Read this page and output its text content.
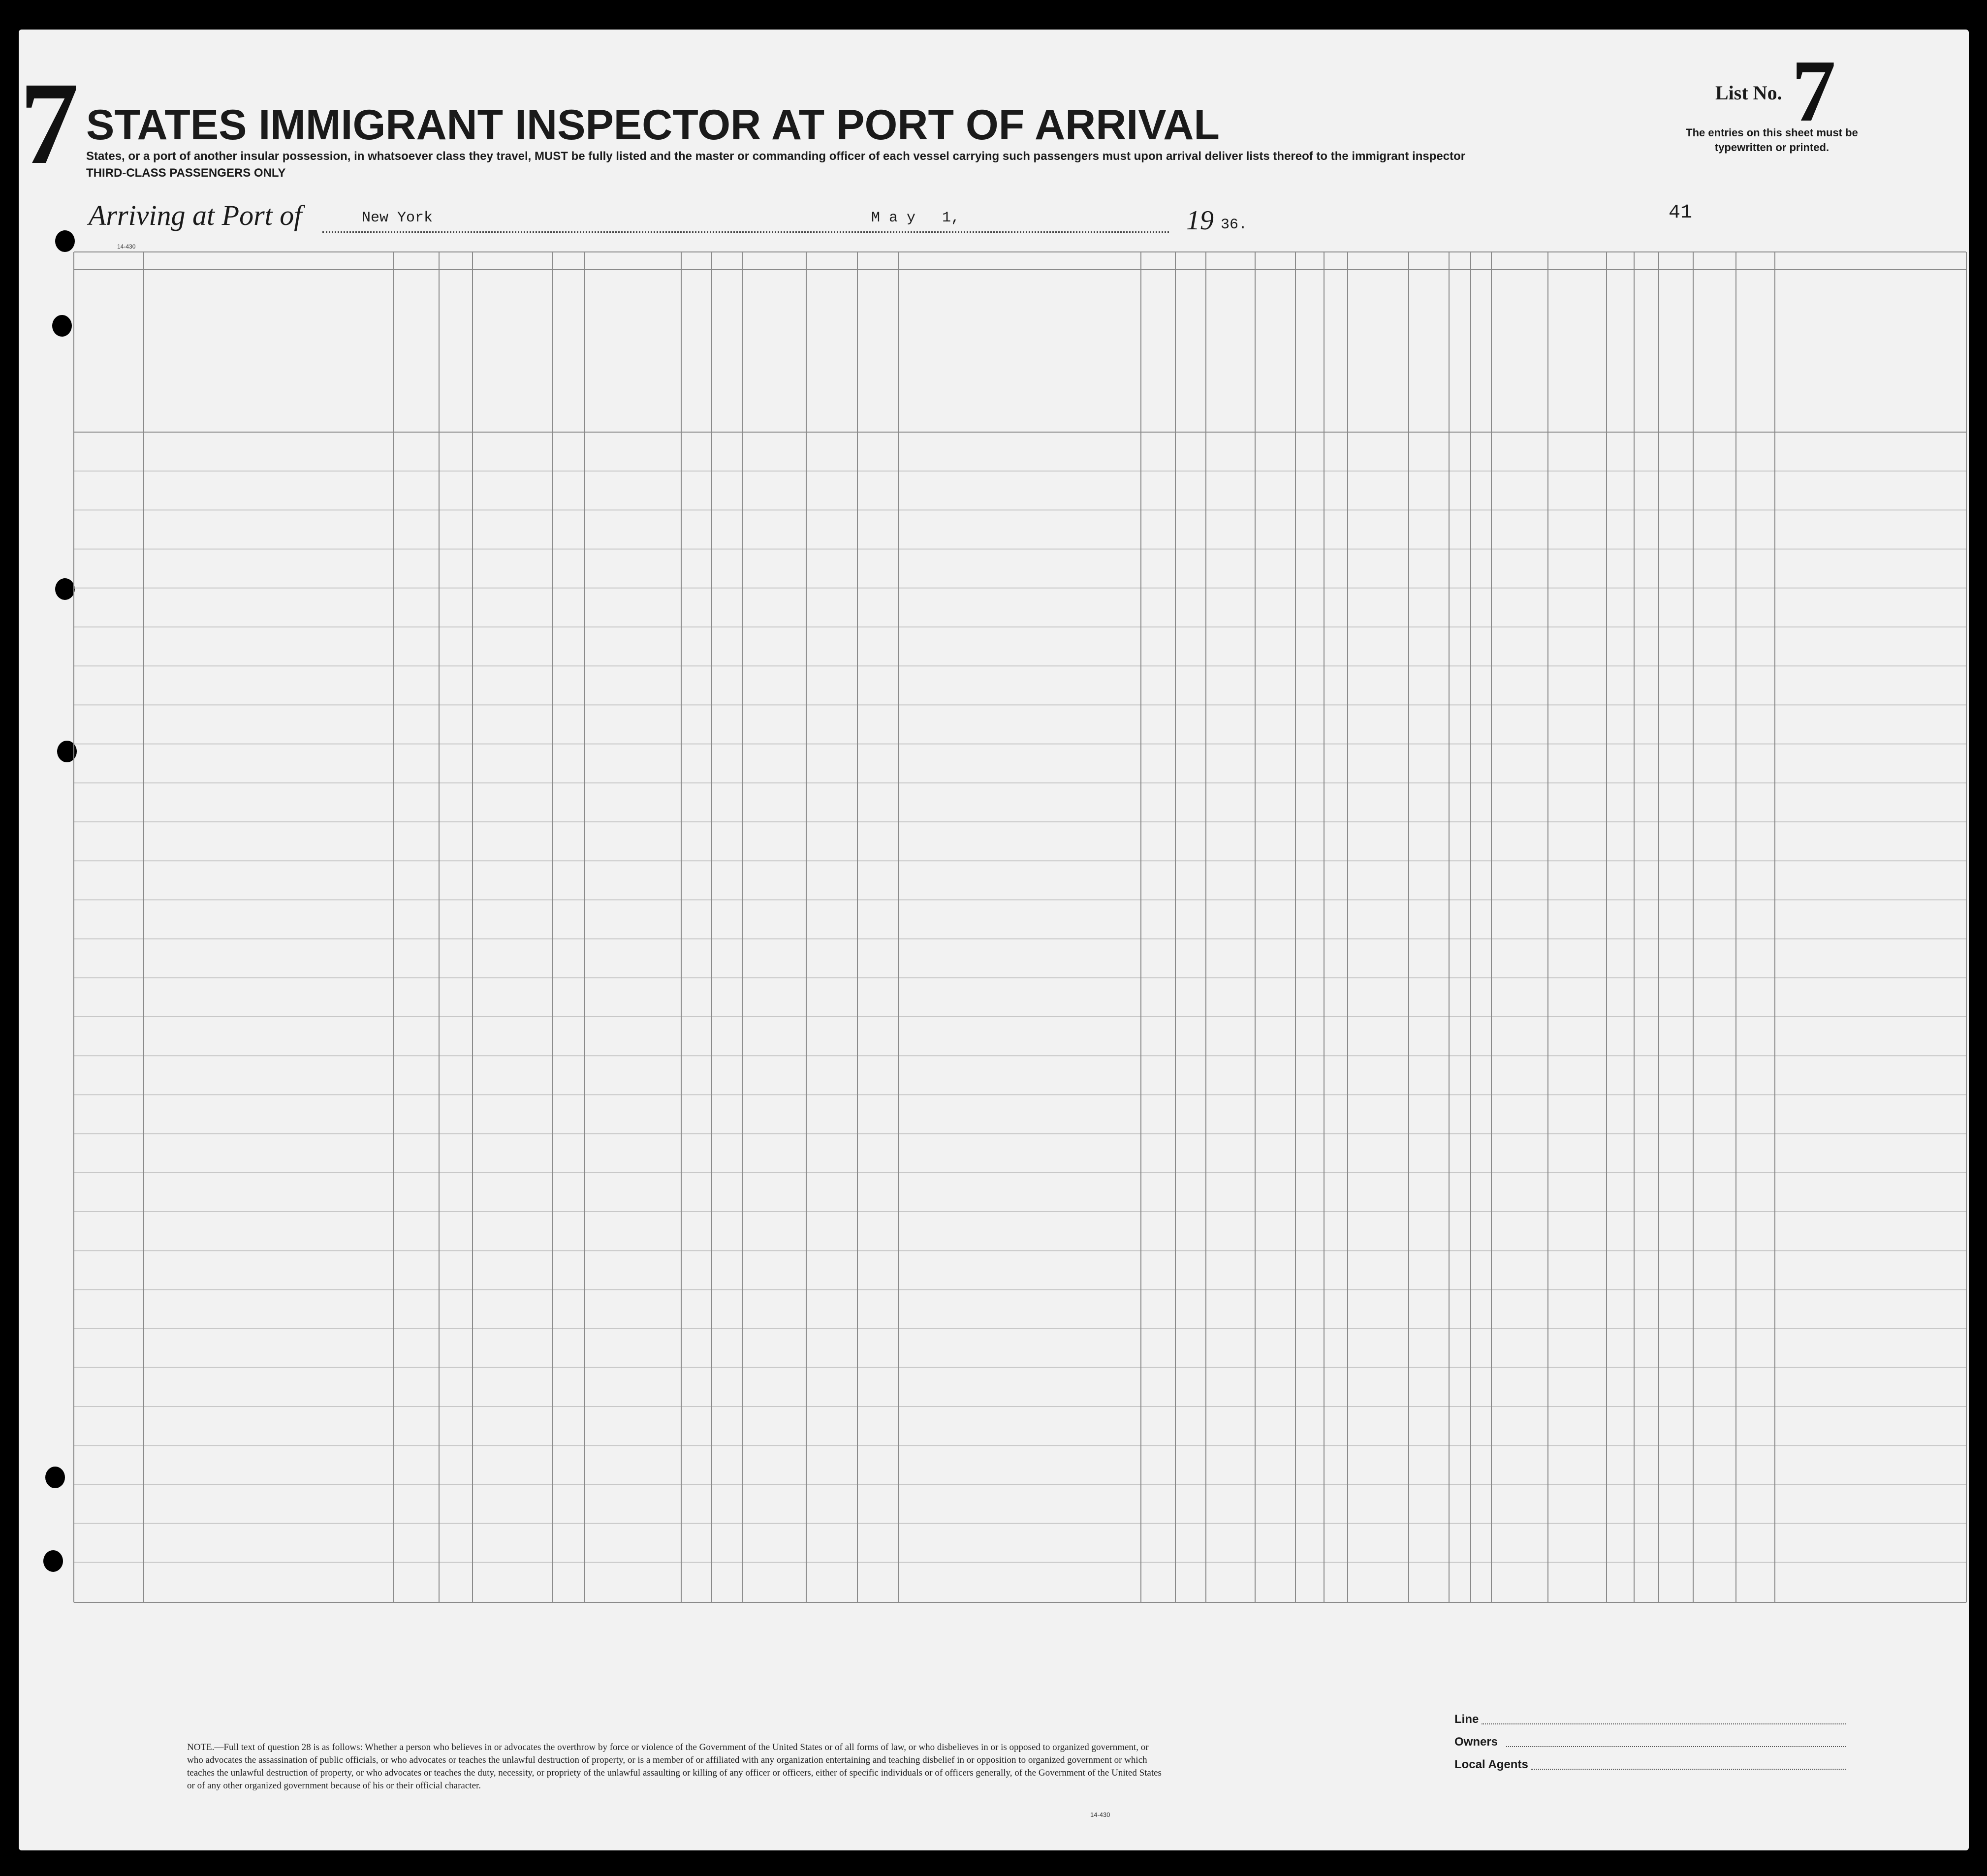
7 STATES IMMIGRANT INSPECTOR AT PORT OF ARRIVAL
States, or a port of another insular possession, in whatsoever class they travel, MUST be fully listed and the master or commanding officer of each vessel carrying such passengers must upon arrival deliver lists thereof to the immigrant inspector
THIRD-CLASS PASSENGERS ONLY
Arriving at Port of	New York	M a y   1,	19 36.
List No. 7
The entries on this sheet must be typewritten or printed.
41
14-430
NOTE.—Full text of question 28 is as follows: Whether a person who believes in or advocates the overthrow by force or violence of the Government of the United States or of all forms of law, or who disbelieves in or is opposed to organized government, or who advocates the assassination of public officials, or who advocates or teaches the unlawful destruction of property, or is a member of or affiliated with any organization entertaining and teaching disbelief in or opposition to organized government or which teaches the unlawful destruction of property, or who advocates or teaches the duty, necessity, or propriety of the unlawful assaulting or killing of any officer or officers, either of specific individuals or of officers generally, of the Government of the United States or of any other organized government because of his or their official character.
Line
Owners
Local Agents
14-430
